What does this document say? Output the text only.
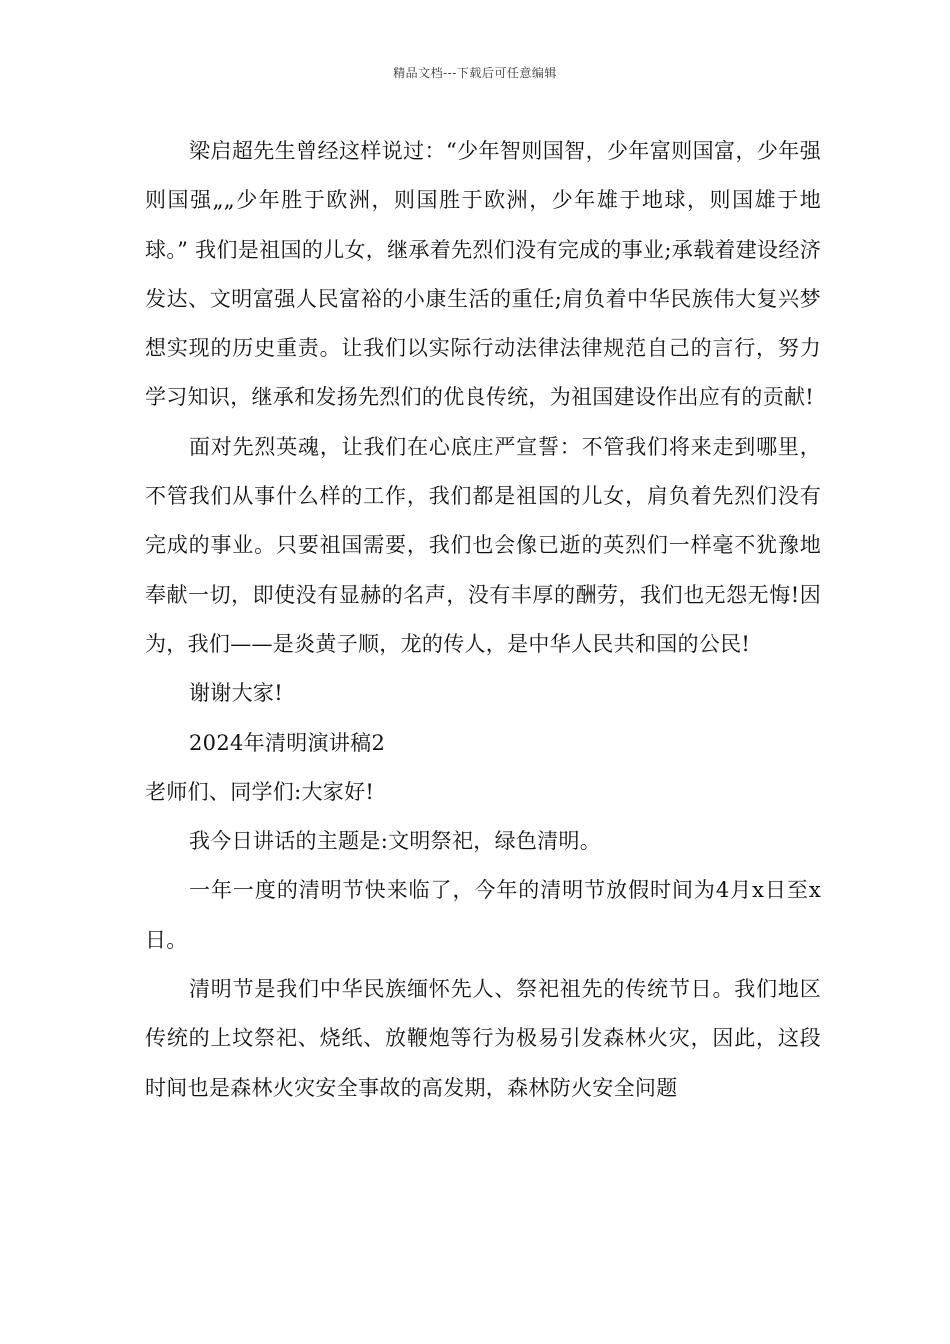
精品文档---下载后可任意编辑

梁启超先生曾经这样说过：“少年智则国智，少年富则国富，少年强则国强„„少年胜于欧洲，则国胜于欧洲，少年雄于地球，则国雄于地球。” 我们是祖国的儿女，继承着先烈们没有完成的事业;承载着建设经济发达、文明富强人民富裕的小康生活的重任;肩负着中华民族伟大复兴梦想实现的历史重责。让我们以实际行动法律法律规范自己的言行，努力学习知识，继承和发扬先烈们的优良传统，为祖国建设作出应有的贡献!

面对先烈英魂，让我们在心底庄严宣誓：不管我们将来走到哪里，不管我们从事什么样的工作，我们都是祖国的儿女，肩负着先烈们没有完成的事业。只要祖国需要，我们也会像已逝的英烈们一样毫不犹豫地奉献一切，即使没有显赫的名声，没有丰厚的酬劳，我们也无怨无悔!因为，我们——是炎黄子顺，龙的传人，是中华人民共和国的公民!

谢谢大家!

2024年清明演讲稿2

老师们、同学们:大家好!

我今日讲话的主题是:文明祭祀，绿色清明。

一年一度的清明节快来临了，今年的清明节放假时间为4月x日至x日。

清明节是我们中华民族缅怀先人、祭祀祖先的传统节日。我们地区传统的上坟祭祀、烧纸、放鞭炮等行为极易引发森林火灾，因此，这段时间也是森林火灾安全事故的高发期，森林防火安全问题
